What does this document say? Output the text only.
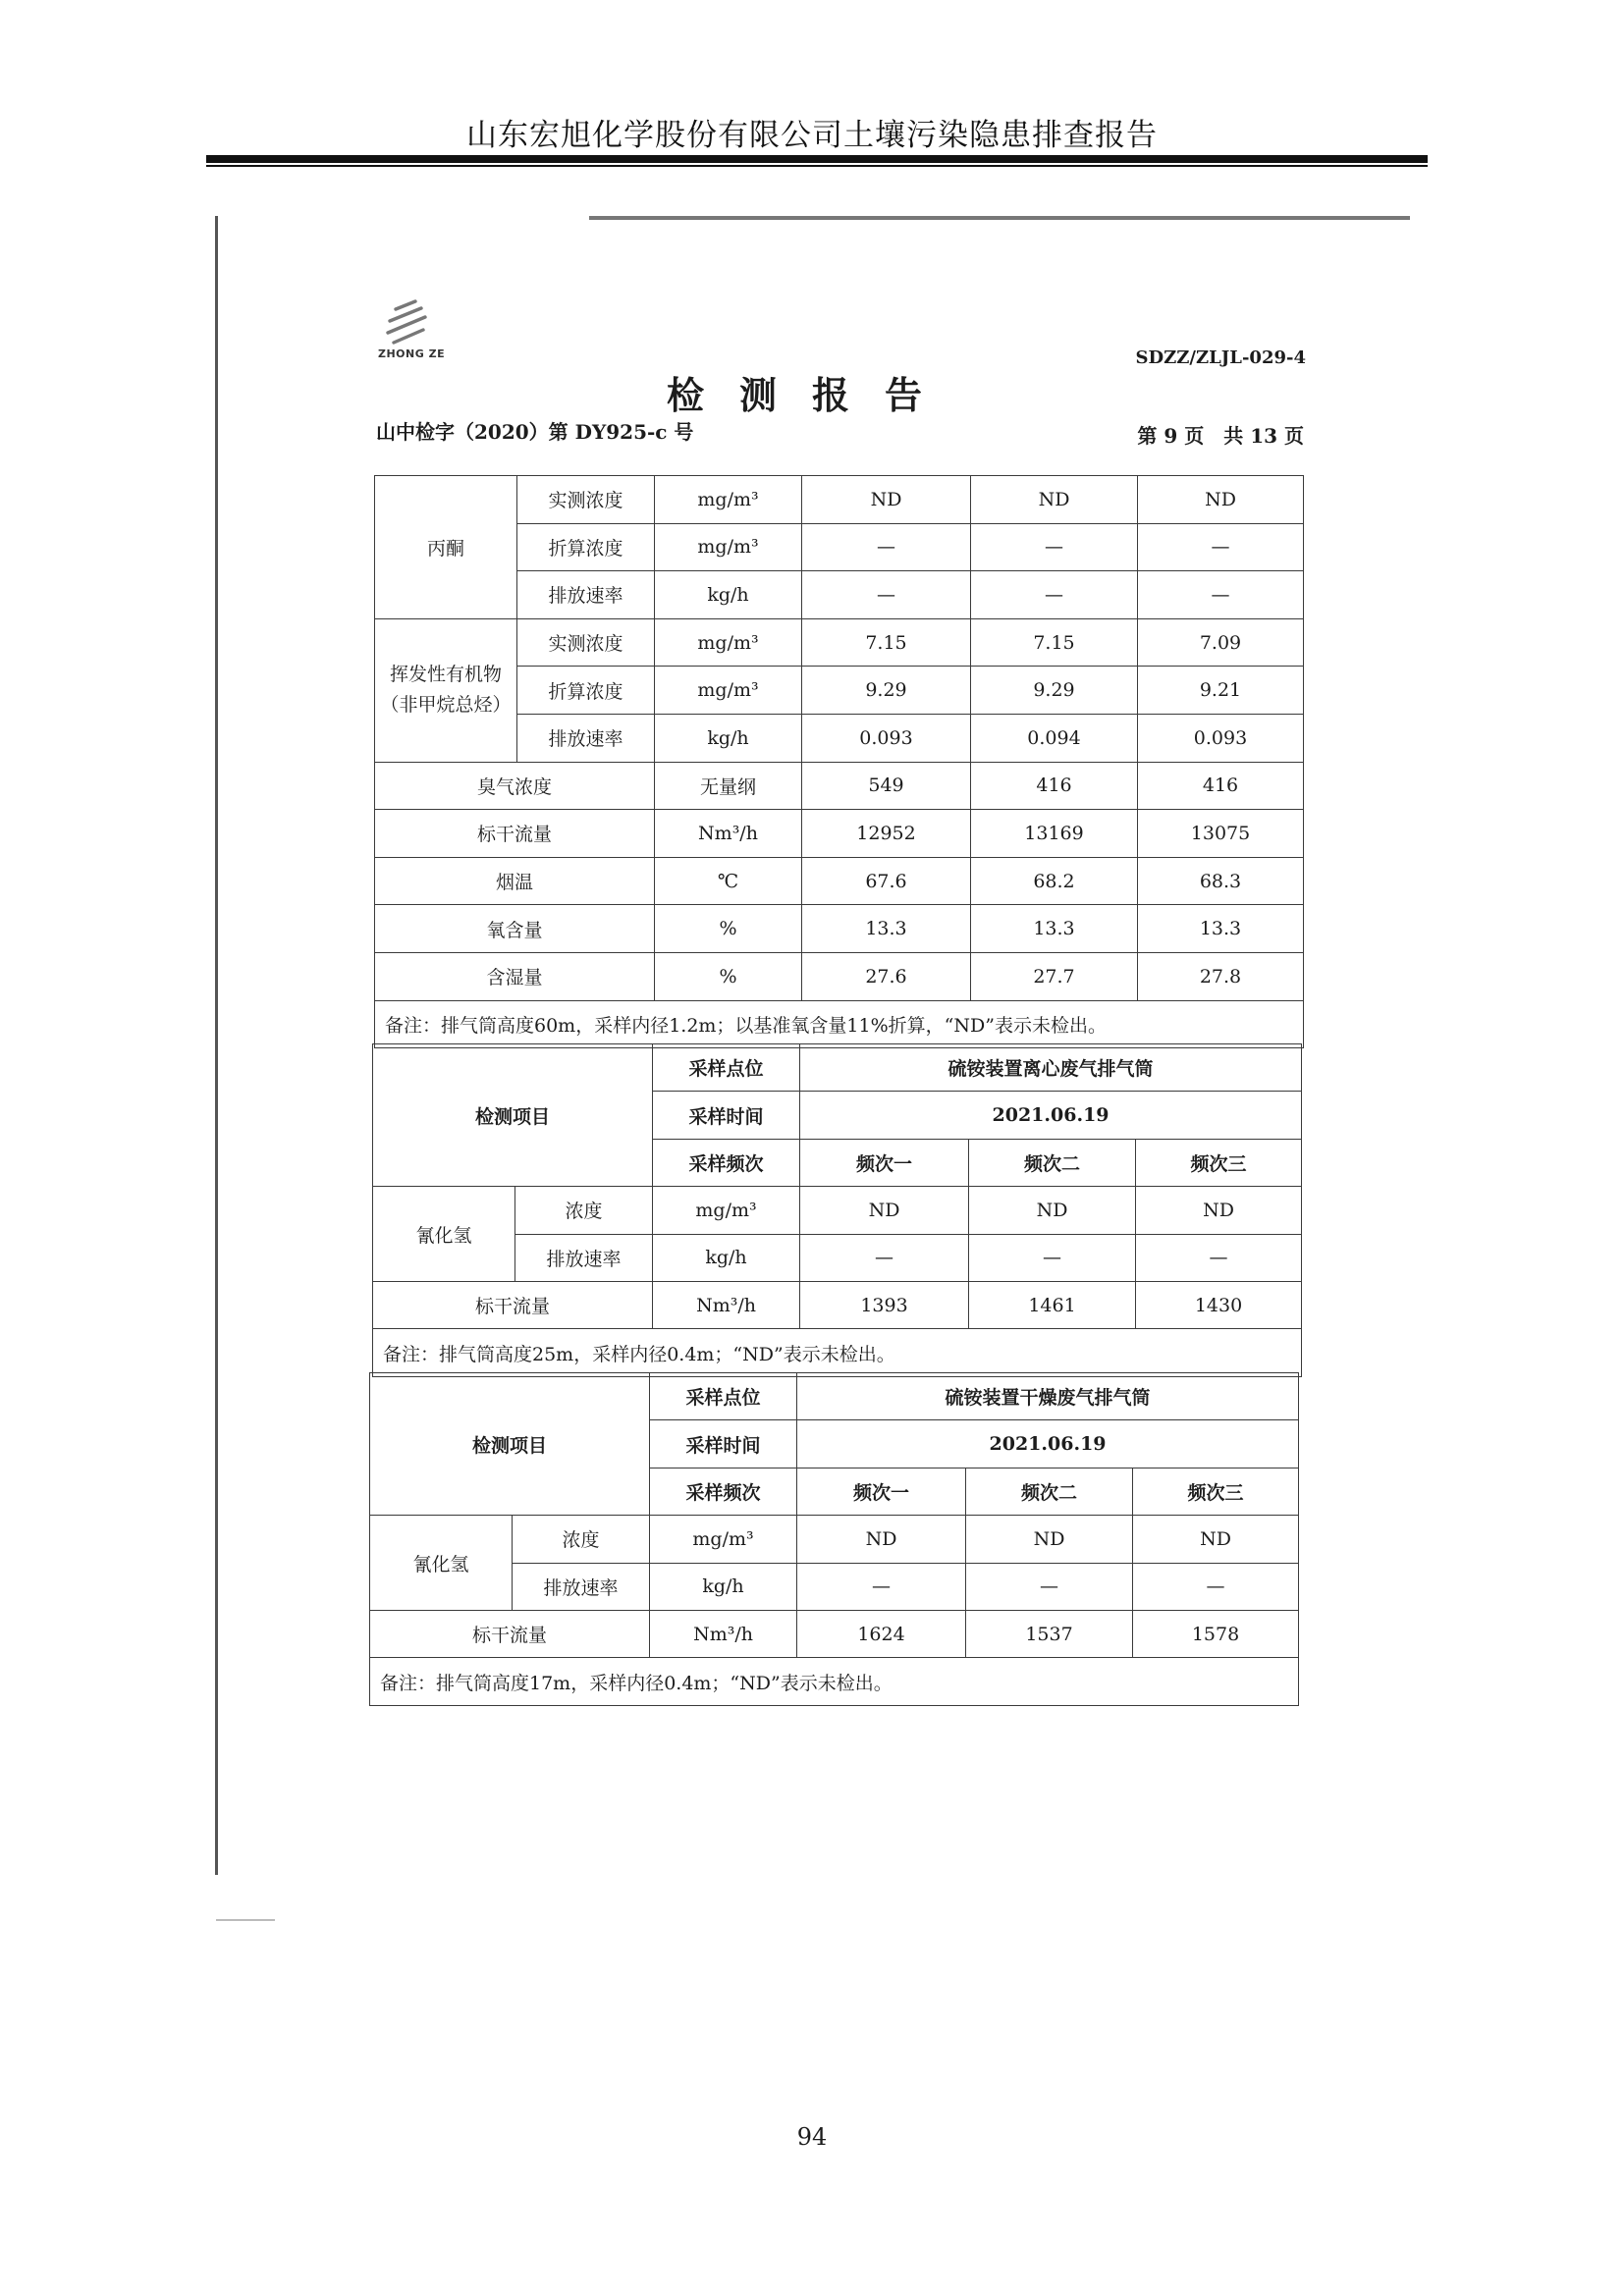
山东宏旭化学股份有限公司土壤污染隐患排查报告
ZHONG ZE	SDZZ/ZLJL-029-4
检测报告
山中检字（2020）第 DY925-c 号	第 9 页　共 13 页
丙酮	实测浓度	mg/m³	ND	ND	ND
	折算浓度	mg/m³	—	—	—
	排放速率	kg/h	—	—	—
挥发性有机物（非甲烷总烃）	实测浓度	mg/m³	7.15	7.15	7.09
	折算浓度	mg/m³	9.29	9.29	9.21
	排放速率	kg/h	0.093	0.094	0.093
臭气浓度		无量纲	549	416	416
标干流量		Nm³/h	12952	13169	13075
烟温		℃	67.6	68.2	68.3
氧含量		%	13.3	13.3	13.3
含湿量		%	27.6	27.7	27.8
备注：排气筒高度60m，采样内径1.2m；以基准氧含量11%折算，“ND”表示未检出。					
检测项目		采样点位	硫铵装置离心废气排气筒		
		采样时间	2021.06.19		
		采样频次	频次一	频次二	频次三
氰化氢	浓度	mg/m³	ND	ND	ND
	排放速率	kg/h	—	—	—
标干流量		Nm³/h	1393	1461	1430
备注：排气筒高度25m，采样内径0.4m；“ND”表示未检出。					
检测项目		采样点位	硫铵装置干燥废气排气筒		
		采样时间	2021.06.19		
		采样频次	频次一	频次二	频次三
氰化氢	浓度	mg/m³	ND	ND	ND
	排放速率	kg/h	—	—	—
标干流量		Nm³/h	1624	1537	1578
备注：排气筒高度17m，采样内径0.4m；“ND”表示未检出。					
94
